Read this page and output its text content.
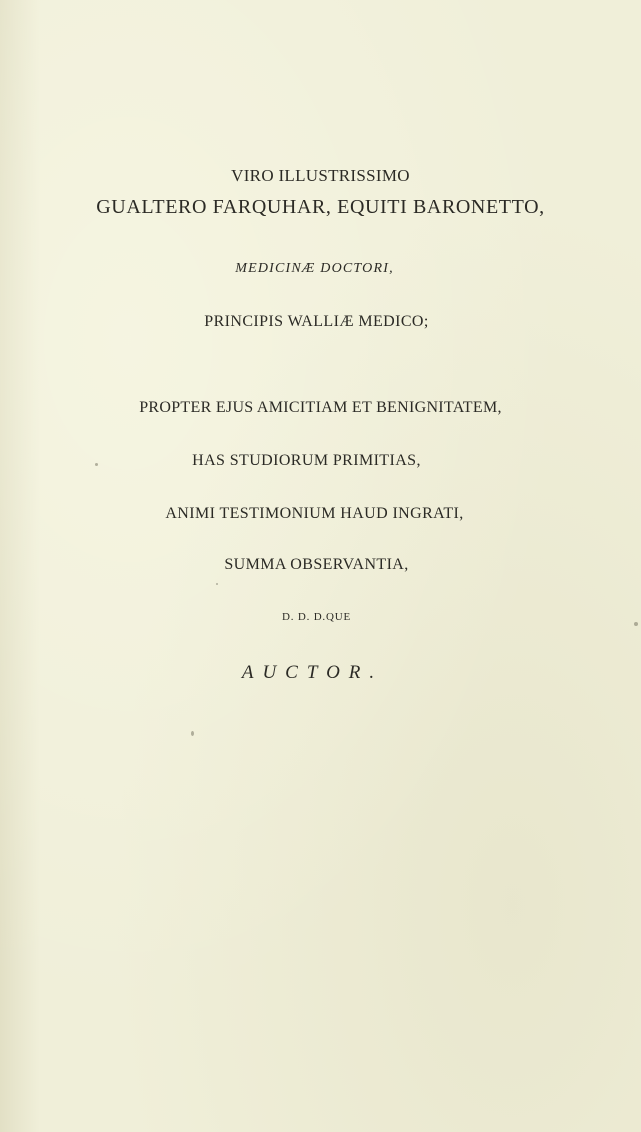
VIRO ILLUSTRISSIMO

GUALTERO FARQUHAR, EQUITI BARONETTO,

MEDICINÆ DOCTORI,

PRINCIPIS WALLIÆ MEDICO;

PROPTER EJUS AMICITIAM ET BENIGNITATEM,

HAS STUDIORUM PRIMITIAS,

ANIMI TESTIMONIUM HAUD INGRATI,

SUMMA OBSERVANTIA,

D. D. D.QUE

AUCTOR.
